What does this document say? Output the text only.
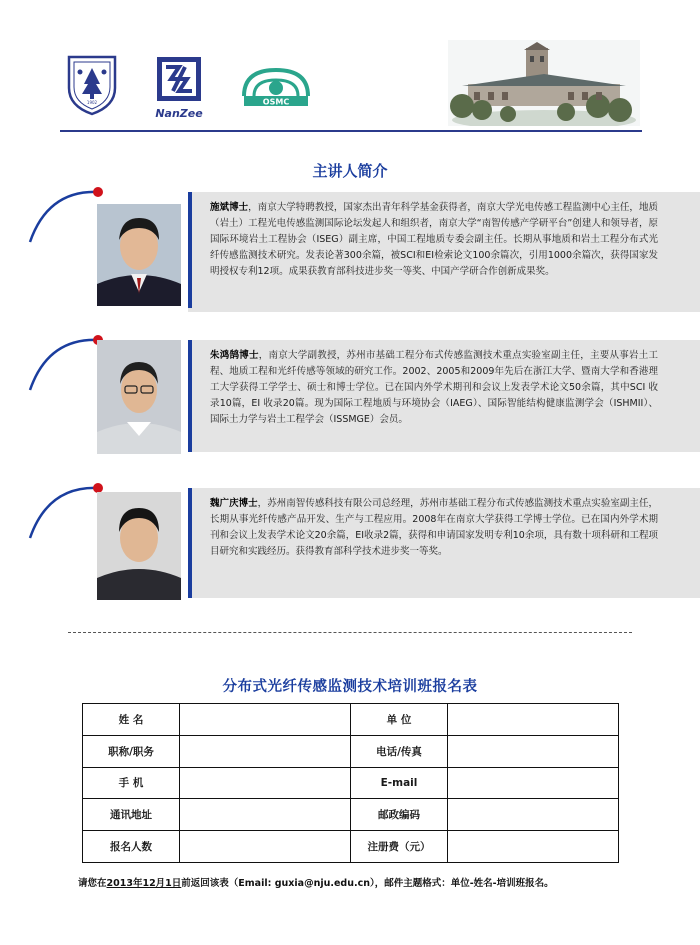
1902
NanZee
OSMC
主讲人简介
施斌博士，南京大学特聘教授，国家杰出青年科学基金获得者，南京大学光电传感工程监测中心主任，地质（岩土）工程光电传感监测国际论坛发起人和组织者，南京大学“南智传感产学研平台”创建人和领导者，原国际环境岩土工程协会（ISEG）副主席，中国工程地质专委会副主任。长期从事地质和岩土工程分布式光纤传感监测技术研究。发表论著300余篇，被SCI和EI检索论文100余篇次，引用1000余篇次，获得国家发明授权专利12项。成果获教育部科技进步奖一等奖、中国产学研合作创新成果奖。
朱鸿鹄博士，南京大学副教授，苏州市基础工程分布式传感监测技术重点实验室副主任，主要从事岩土工程、地质工程和光纤传感等领域的研究工作。2002、2005和2009年先后在浙江大学、暨南大学和香港理工大学获得工学学士、硕士和博士学位。已在国内外学术期刊和会议上发表学术论文50余篇，其中SCI 收录10篇，EI 收录20篇。现为国际工程地质与环境协会（IAEG）、国际智能结构健康监测学会（ISHMII）、国际土力学与岩土工程学会（ISSMGE）会员。
魏广庆博士，苏州南智传感科技有限公司总经理，苏州市基础工程分布式传感监测技术重点实验室副主任，长期从事光纤传感产品开发、生产与工程应用。2008年在南京大学获得工学博士学位。已在国内外学术期刊和会议上发表学术论文20余篇，EI收录2篇，获得和申请国家发明专利10余项，具有数十项科研和工程项目研究和实践经历。获得教育部科学技术进步奖一等奖。
分布式光纤传感监测技术培训班报名表
姓 名		单 位	
职称/职务		电话/传真	
手 机		E-mail	
通讯地址		邮政编码	
报名人数		注册费（元）	
请您在2013年12月1日前返回该表（Email: guxia@nju.edu.cn），邮件主题格式：单位-姓名-培训班报名。
